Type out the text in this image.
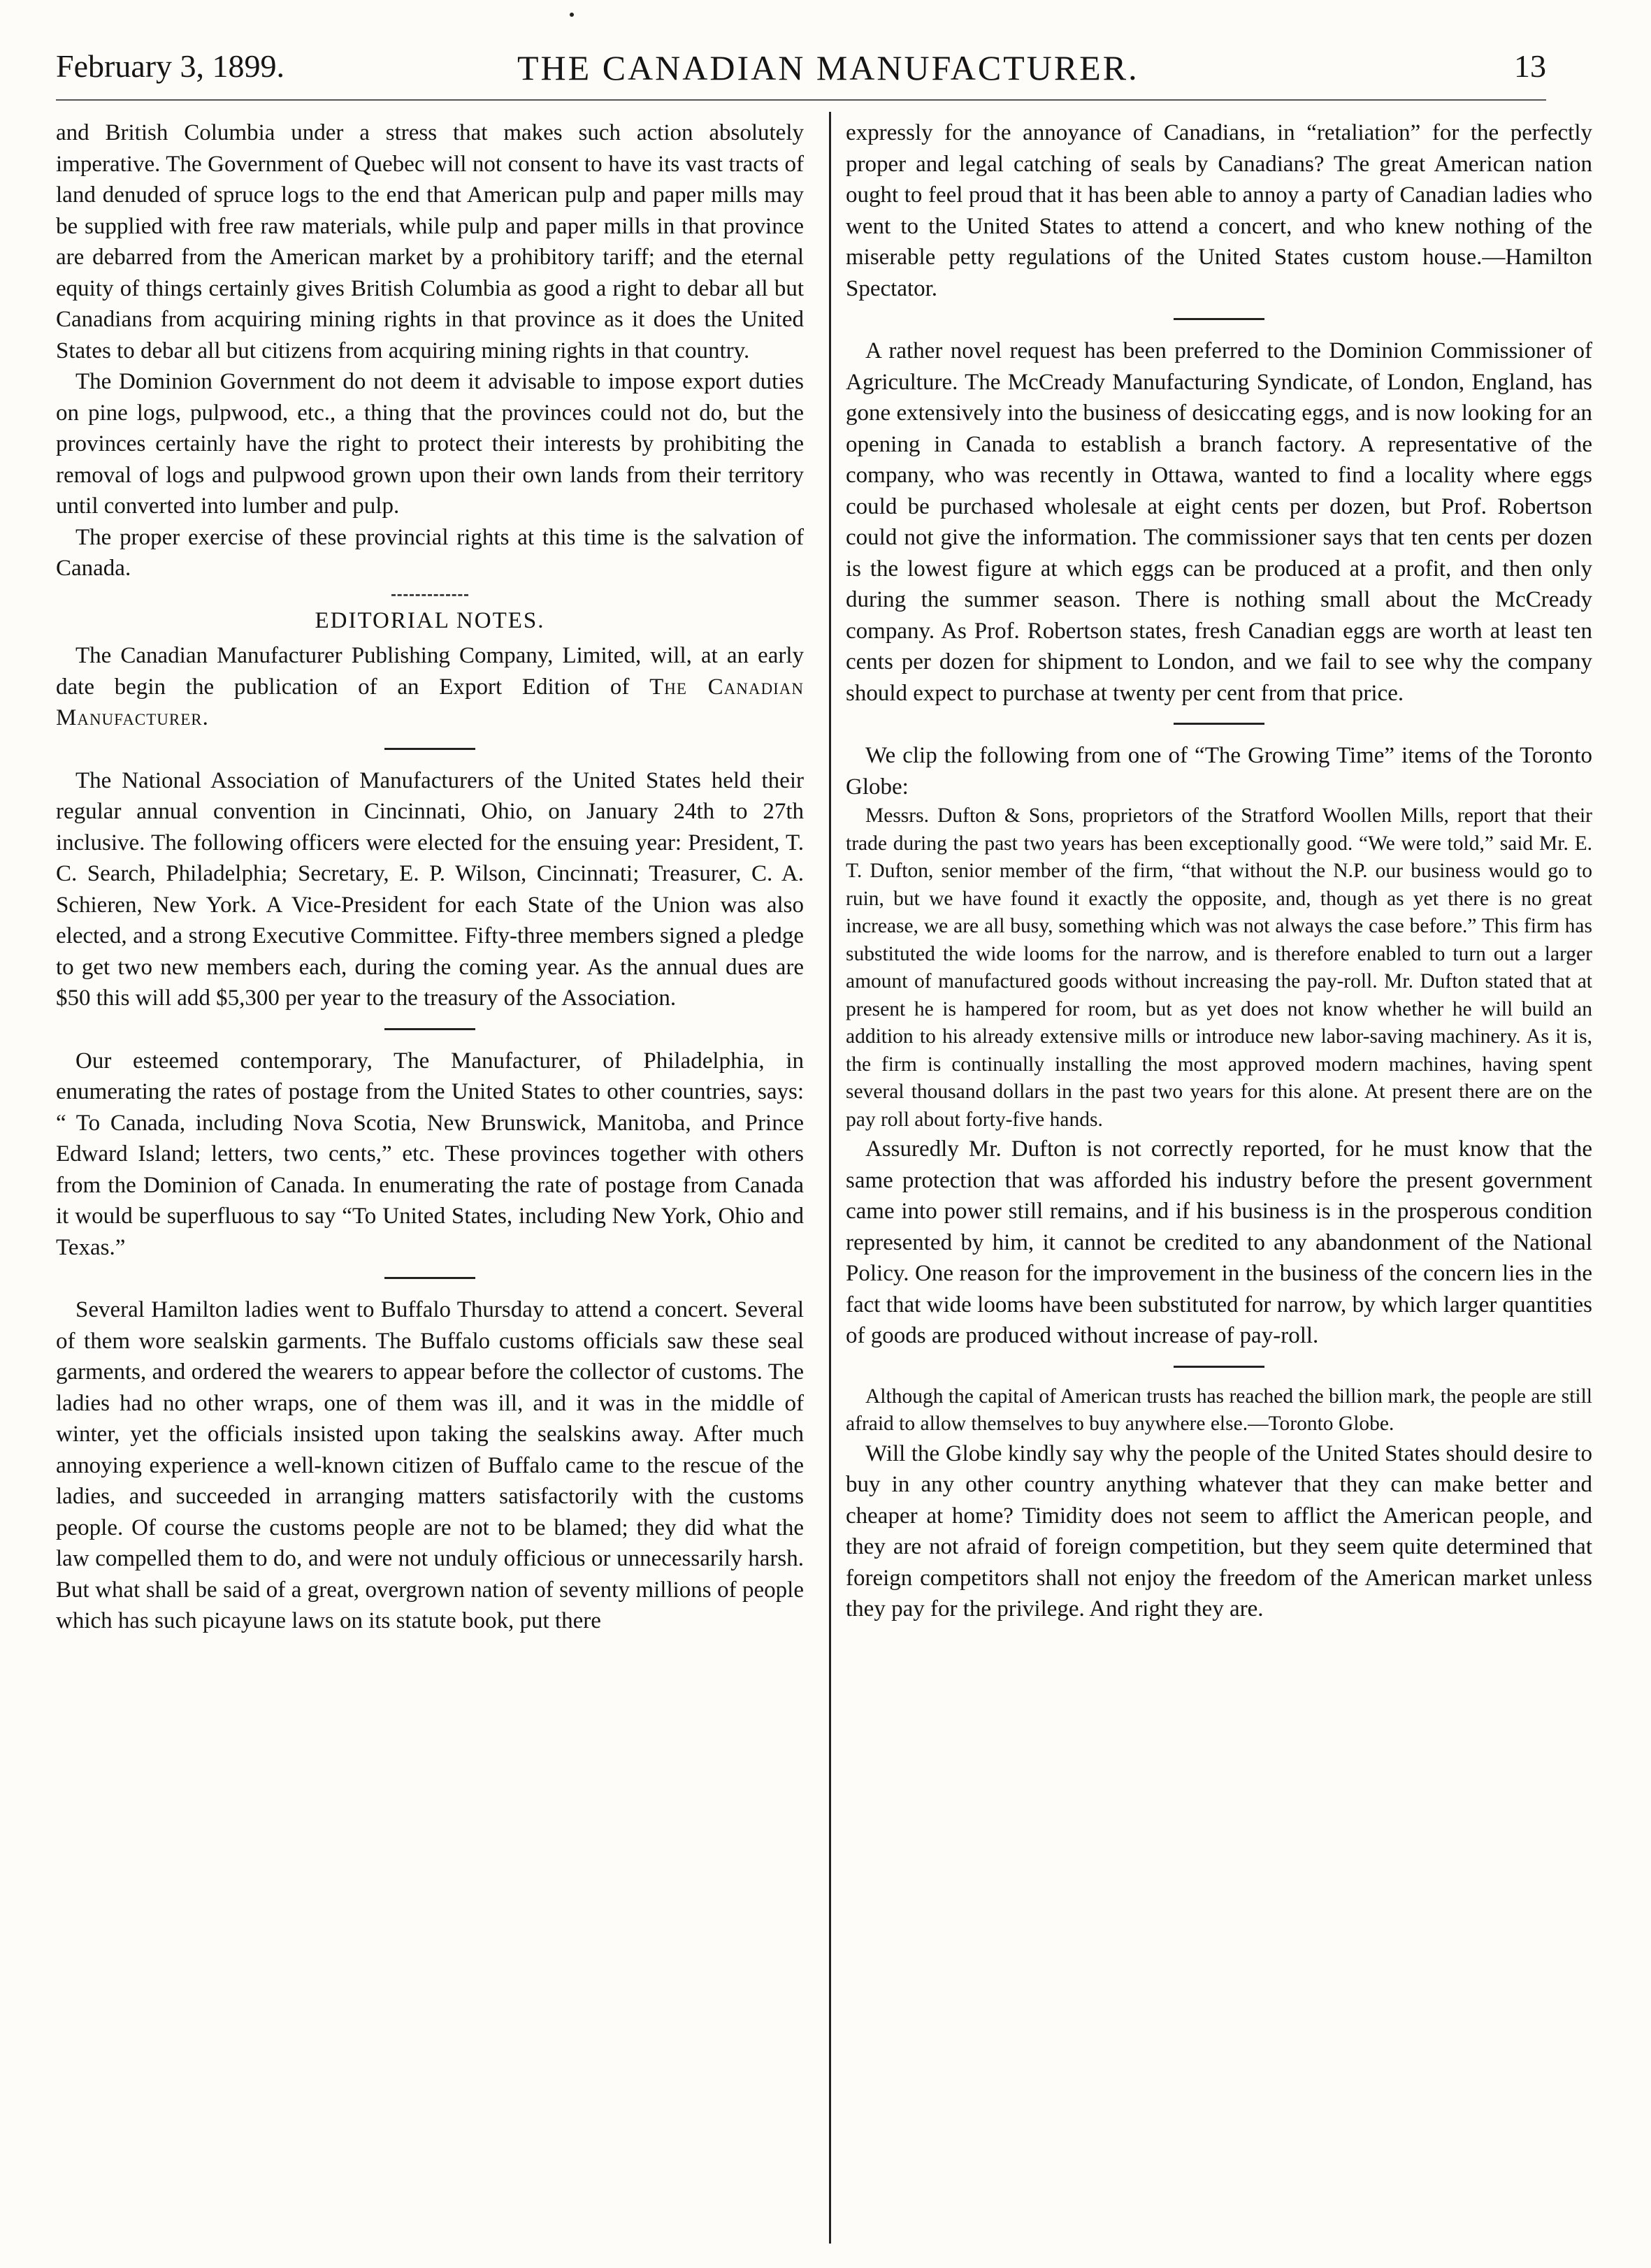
February 3, 1899.	THE CANADIAN MANUFACTURER.	13

and British Columbia under a stress that makes such action absolutely imperative. The Government of Quebec will not consent to have its vast tracts of land denuded of spruce logs to the end that American pulp and paper mills may be supplied with free raw materials, while pulp and paper mills in that province are debarred from the American market by a prohibitory tariff; and the eternal equity of things certainly gives British Columbia as good a right to debar all but Canadians from acquiring mining rights in that province as it does the United States to debar all but citizens from acquiring mining rights in that country.

The Dominion Government do not deem it advisable to impose export duties on pine logs, pulpwood, etc., a thing that the provinces could not do, but the provinces certainly have the right to protect their interests by prohibiting the removal of logs and pulpwood grown upon their own lands from their territory until converted into lumber and pulp.

The proper exercise of these provincial rights at this time is the salvation of Canada.

EDITORIAL NOTES.

The Canadian Manufacturer Publishing Company, Limited, will, at an early date begin the publication of an Export Edition of The Canadian Manufacturer.

The National Association of Manufacturers of the United States held their regular annual convention in Cincinnati, Ohio, on January 24th to 27th inclusive. The following officers were elected for the ensuing year: President, T. C. Search, Philadelphia; Secretary, E. P. Wilson, Cincinnati; Treasurer, C. A. Schieren, New York. A Vice-President for each State of the Union was also elected, and a strong Executive Committee. Fifty-three members signed a pledge to get two new members each, during the coming year. As the annual dues are $50 this will add $5,300 per year to the treasury of the Association.

Our esteemed contemporary, The Manufacturer, of Philadelphia, in enumerating the rates of postage from the United States to other countries, says: “ To Canada, including Nova Scotia, New Brunswick, Manitoba, and Prince Edward Island; letters, two cents,” etc. These provinces together with others from the Dominion of Canada. In enumerating the rate of postage from Canada it would be superfluous to say “To United States, including New York, Ohio and Texas.”

Several Hamilton ladies went to Buffalo Thursday to attend a concert. Several of them wore sealskin garments. The Buffalo customs officials saw these seal garments, and ordered the wearers to appear before the collector of customs. The ladies had no other wraps, one of them was ill, and it was in the middle of winter, yet the officials insisted upon taking the sealskins away. After much annoying experience a well-known citizen of Buffalo came to the rescue of the ladies, and succeeded in arranging matters satisfactorily with the customs people. Of course the customs people are not to be blamed; they did what the law compelled them to do, and were not unduly officious or unnecessarily harsh. But what shall be said of a great, overgrown nation of seventy millions of people which has such picayune laws on its statute book, put there

expressly for the annoyance of Canadians, in “retaliation” for the perfectly proper and legal catching of seals by Canadians? The great American nation ought to feel proud that it has been able to annoy a party of Canadian ladies who went to the United States to attend a concert, and who knew nothing of the miserable petty regulations of the United States custom house.—Hamilton Spectator.

A rather novel request has been preferred to the Dominion Commissioner of Agriculture. The McCready Manufacturing Syndicate, of London, England, has gone extensively into the business of desiccating eggs, and is now looking for an opening in Canada to establish a branch factory. A representative of the company, who was recently in Ottawa, wanted to find a locality where eggs could be purchased wholesale at eight cents per dozen, but Prof. Robertson could not give the information. The commissioner says that ten cents per dozen is the lowest figure at which eggs can be produced at a profit, and then only during the summer season. There is nothing small about the McCready company. As Prof. Robertson states, fresh Canadian eggs are worth at least ten cents per dozen for shipment to London, and we fail to see why the company should expect to purchase at twenty per cent from that price.

We clip the following from one of “The Growing Time” items of the Toronto Globe:

Messrs. Dufton & Sons, proprietors of the Stratford Woollen Mills, report that their trade during the past two years has been exceptionally good. “We were told,” said Mr. E. T. Dufton, senior member of the firm, “that without the N.P. our business would go to ruin, but we have found it exactly the opposite, and, though as yet there is no great increase, we are all busy, something which was not always the case before.” This firm has substituted the wide looms for the narrow, and is therefore enabled to turn out a larger amount of manufactured goods without increasing the pay-roll. Mr. Dufton stated that at present he is hampered for room, but as yet does not know whether he will build an addition to his already extensive mills or introduce new labor-saving machinery. As it is, the firm is continually installing the most approved modern machines, having spent several thousand dollars in the past two years for this alone. At present there are on the pay roll about forty-five hands.

Assuredly Mr. Dufton is not correctly reported, for he must know that the same protection that was afforded his industry before the present government came into power still remains, and if his business is in the prosperous condition represented by him, it cannot be credited to any abandonment of the National Policy. One reason for the improvement in the business of the concern lies in the fact that wide looms have been substituted for narrow, by which larger quantities of goods are produced without increase of pay-roll.

Although the capital of American trusts has reached the billion mark, the people are still afraid to allow themselves to buy anywhere else.—Toronto Globe.

Will the Globe kindly say why the people of the United States should desire to buy in any other country anything whatever that they can make better and cheaper at home? Timidity does not seem to afflict the American people, and they are not afraid of foreign competition, but they seem quite determined that foreign competitors shall not enjoy the freedom of the American market unless they pay for the privilege. And right they are.
